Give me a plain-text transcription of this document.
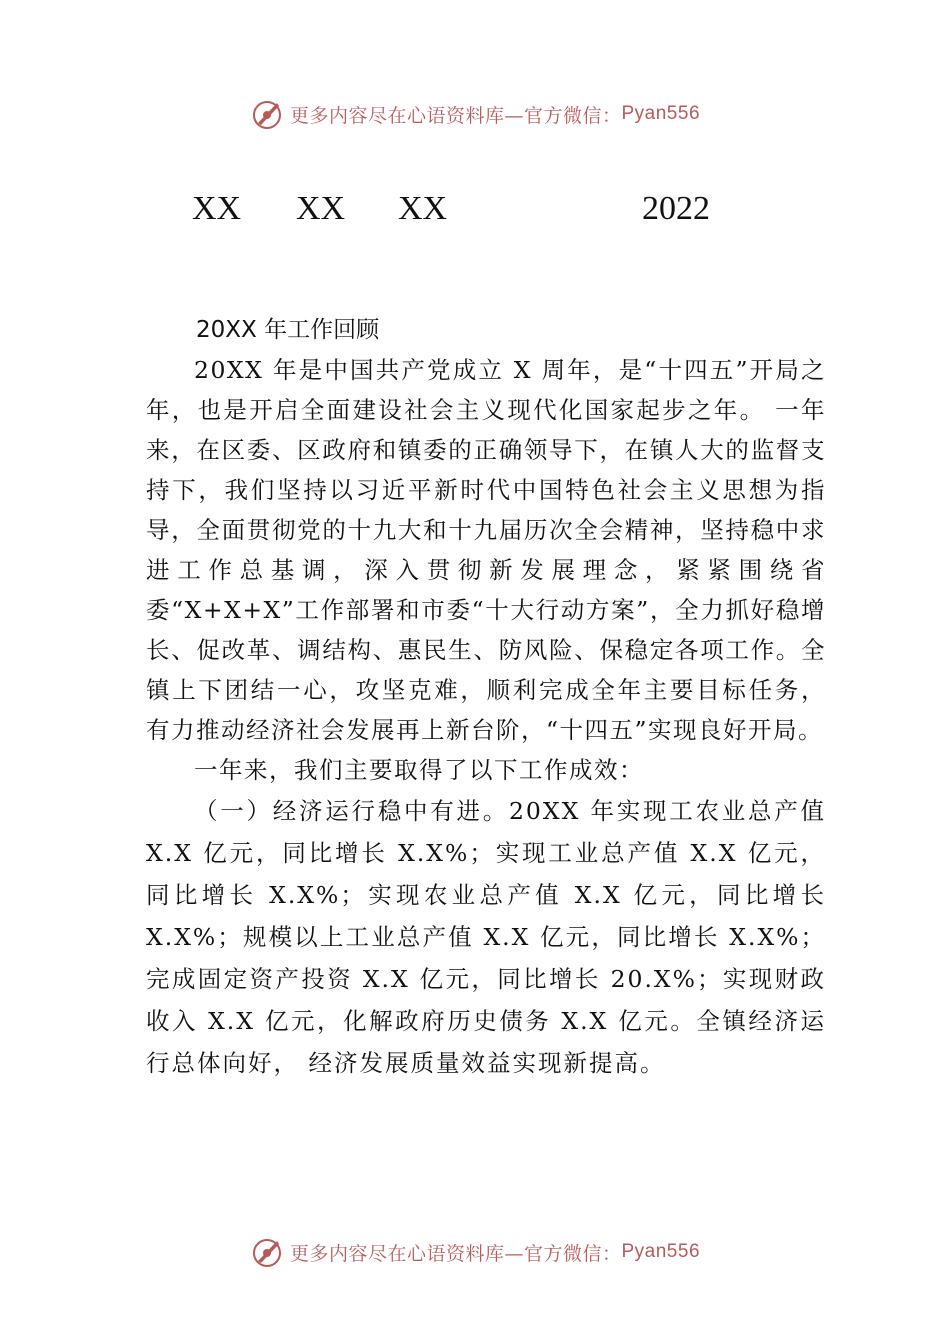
更多内容尽在心语资料库—官方微信： Pyan556
XX XX XX	2022
20XX 年工作回顾

20XX 年是中国共产党成立 X 周年，是“十四五”开局之年，也是开启全面建设社会主义现代化国家起步之年。 一年来，在区委、区政府和镇委的正确领导下，在镇人大的监督支持下，我们坚持以习近平新时代中国特色社会主义思想为指导，全面贯彻党的十九大和十九届历次全会精神，坚持稳中求进工作总基调，深入贯彻新发展理念，紧紧围绕省委“X+X+X”工作部署和市委“十大行动方案”，全力抓好稳增长、促改革、调结构、惠民生、防风险、保稳定各项工作。全镇上下团结一心，攻坚克难，顺利完成全年主要目标任务， 有力推动经济社会发展再上新台阶，“十四五”实现良好开局。

一年来，我们主要取得了以下工作成效：

（一）经济运行稳中有进。20XX 年实现工农业总产值 X.X 亿元，同比增长 X.X%；实现工业总产值 X.X 亿元，同比增长 X.X%；实现农业总产值 X.X 亿元，同比增长 X.X%；规模以上工业总产值 X.X 亿元，同比增长 X.X%；完成固定资产投资 X.X 亿元，同比增长 20.X%；实现财政收入 X.X 亿元，化解政府历史债务 X.X 亿元。全镇经济运行总体向好， 经济发展质量效益实现新提高。

更多内容尽在心语资料库—官方微信： Pyan556
